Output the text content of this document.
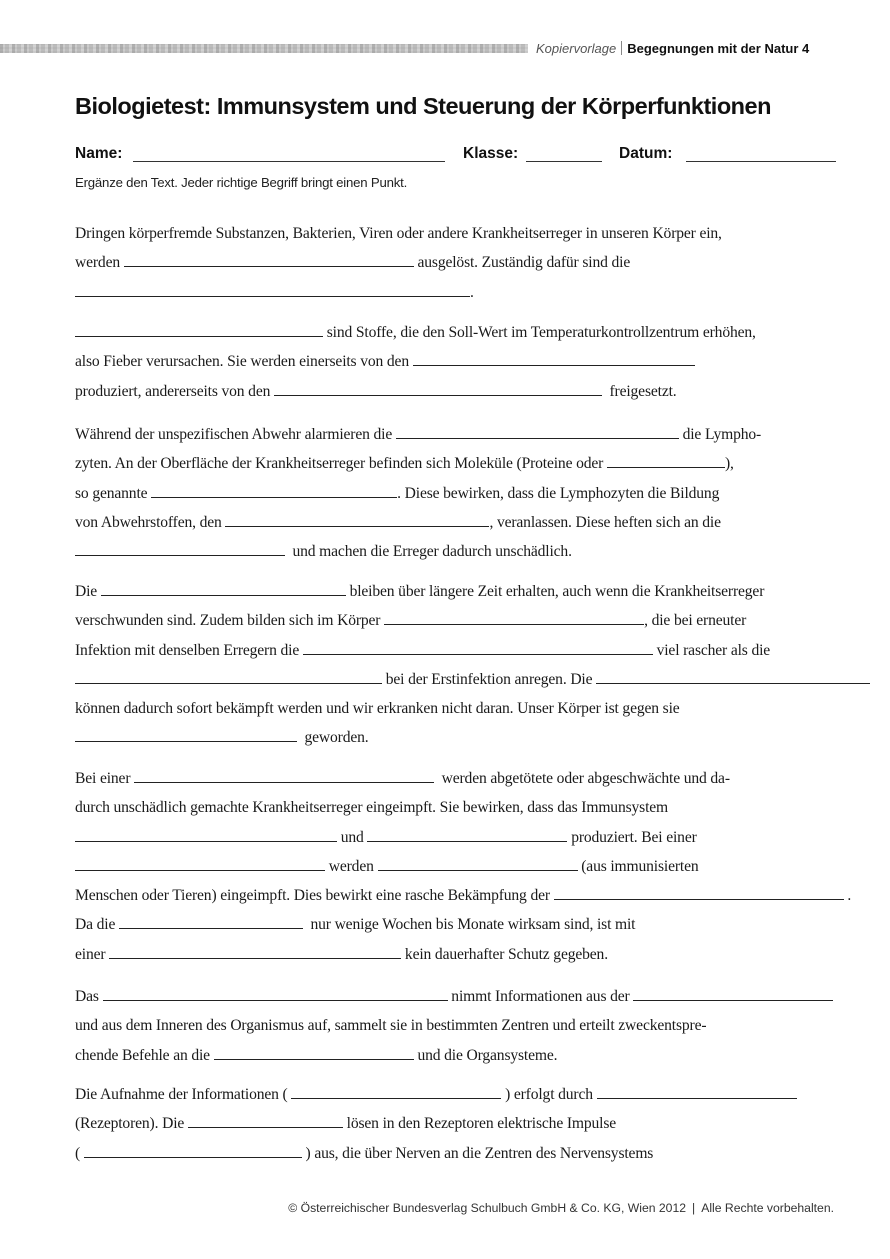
Kopiervorlage Begegnungen mit der Natur 4
Biologietest: Immunsystem und Steuerung der Körperfunktionen
Name:	Klasse:	Datum:
Ergänze den Text. Jeder richtige Begriff bringt einen Punkt.
Dringen körperfremde Substanzen, Bakterien, Viren oder andere Krankheitserreger in unseren Körper ein,
werden	ausgelöst. Zuständig dafür sind die
.
sind Stoffe, die den Soll-Wert im Temperaturkontrollzentrum erhöhen,
also Fieber verursachen. Sie werden einerseits von den
produziert, andererseits von den	freigesetzt.
Während der unspezifischen Abwehr alarmieren die	die Lympho-
zyten. An der Oberfläche der Krankheitserreger befinden sich Moleküle (Proteine oder	),
so genannte	. Diese bewirken, dass die Lymphozyten die Bildung
von Abwehrstoffen, den	, veranlassen. Diese heften sich an die
und machen die Erreger dadurch unschädlich.
Die	bleiben über längere Zeit erhalten, auch wenn die Krankheitserreger
verschwunden sind. Zudem bilden sich im Körper	, die bei erneuter
Infektion mit denselben Erregern die	viel rascher als die
bei der Erstinfektion anregen. Die
können dadurch sofort bekämpft werden und wir erkranken nicht daran. Unser Körper ist gegen sie
geworden.
Bei einer	werden abgetötete oder abgeschwächte und da-
durch unschädlich gemachte Krankheitserreger eingeimpft. Sie bewirken, dass das Immunsystem
und	produziert. Bei einer
werden	(aus immunisierten
Menschen oder Tieren) eingeimpft. Dies bewirkt eine rasche Bekämpfung der	.
Da die	nur wenige Wochen bis Monate wirksam sind, ist mit
einer	kein dauerhafter Schutz gegeben.
Das	nimmt Informationen aus der
und aus dem Inneren des Organismus auf, sammelt sie in bestimmten Zentren und erteilt zweckentspre-
chende Befehle an die	und die Organsysteme.
Die Aufnahme der Informationen (	) erfolgt durch
(Rezeptoren). Die	lösen in den Rezeptoren elektrische Impulse
(	) aus, die über Nerven an die Zentren des Nervensystems
© Österreichischer Bundesverlag Schulbuch GmbH & Co. KG, Wien 2012 | Alle Rechte vorbehalten.
